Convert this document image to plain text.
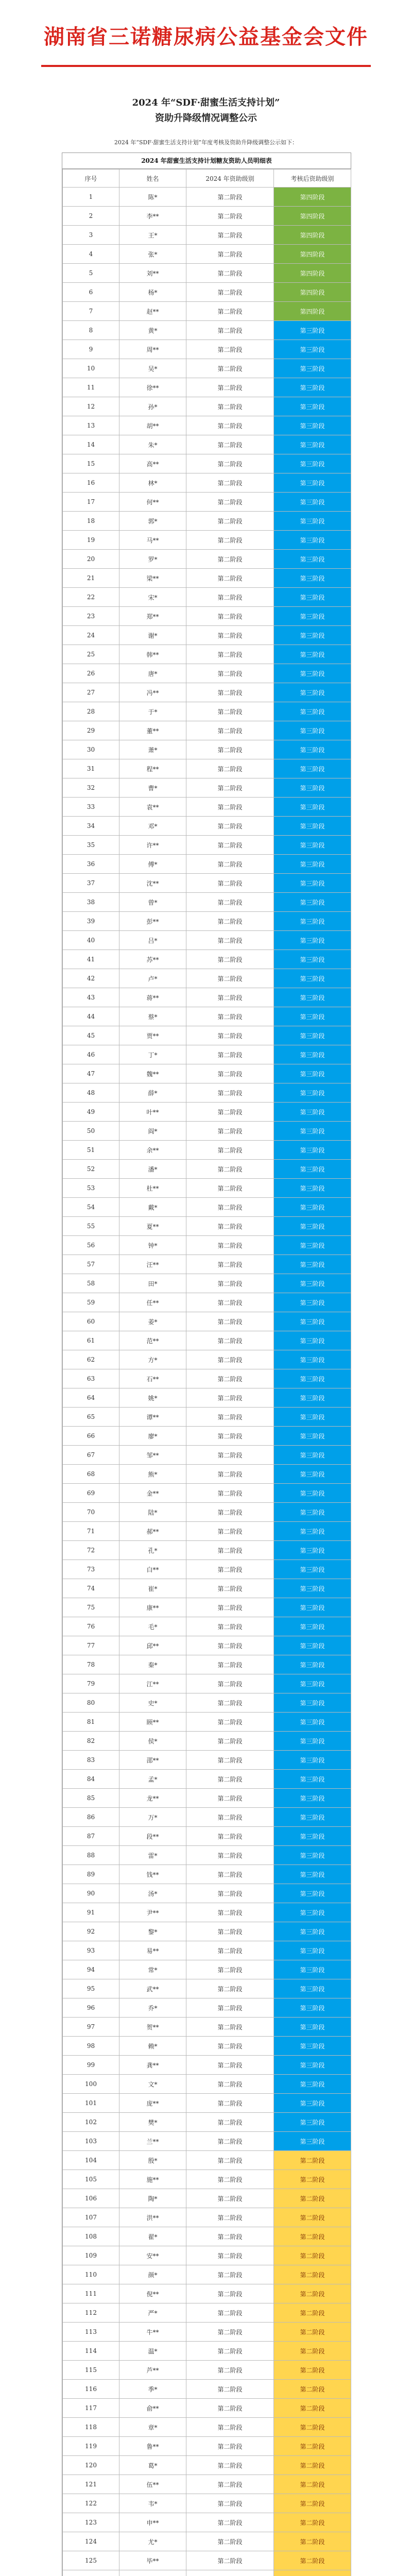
湖南省三诺糖尿病公益基金会文件
2024 年“SDF·甜蜜生活支持计划”
资助升降级情况调整公示
2024 年“SDF·甜蜜生活支持计划”年度考核及资助升降级调整公示如下：
2024 年甜蜜生活支持计划糖友资助人员明细表
序号	姓名	2024 年资助级别	考核后资助级别
1	陈*	第二阶段	第四阶段
2	李**	第二阶段	第四阶段
3	王*	第二阶段	第四阶段
4	张*	第二阶段	第四阶段
5	刘**	第二阶段	第四阶段
6	杨*	第二阶段	第四阶段
7	赵**	第二阶段	第四阶段
8	黄*	第二阶段	第三阶段
9	周**	第二阶段	第三阶段
10	吴*	第二阶段	第三阶段
11	徐**	第二阶段	第三阶段
12	孙*	第二阶段	第三阶段
13	胡**	第二阶段	第三阶段
14	朱*	第二阶段	第三阶段
15	高**	第二阶段	第三阶段
16	林*	第二阶段	第三阶段
17	何**	第二阶段	第三阶段
18	郭*	第二阶段	第三阶段
19	马**	第二阶段	第三阶段
20	罗*	第二阶段	第三阶段
21	梁**	第二阶段	第三阶段
22	宋*	第二阶段	第三阶段
23	郑**	第二阶段	第三阶段
24	谢*	第二阶段	第三阶段
25	韩**	第二阶段	第三阶段
26	唐*	第二阶段	第三阶段
27	冯**	第二阶段	第三阶段
28	于*	第二阶段	第三阶段
29	董**	第二阶段	第三阶段
30	萧*	第二阶段	第三阶段
31	程**	第二阶段	第三阶段
32	曹*	第二阶段	第三阶段
33	袁**	第二阶段	第三阶段
34	邓*	第二阶段	第三阶段
35	许**	第二阶段	第三阶段
36	傅*	第二阶段	第三阶段
37	沈**	第二阶段	第三阶段
38	曾*	第二阶段	第三阶段
39	彭**	第二阶段	第三阶段
40	吕*	第二阶段	第三阶段
41	苏**	第二阶段	第三阶段
42	卢*	第二阶段	第三阶段
43	蒋**	第二阶段	第三阶段
44	蔡*	第二阶段	第三阶段
45	贾**	第二阶段	第三阶段
46	丁*	第二阶段	第三阶段
47	魏**	第二阶段	第三阶段
48	薛*	第二阶段	第三阶段
49	叶**	第二阶段	第三阶段
50	阎*	第二阶段	第三阶段
51	余**	第二阶段	第三阶段
52	潘*	第二阶段	第三阶段
53	杜**	第二阶段	第三阶段
54	戴*	第二阶段	第三阶段
55	夏**	第二阶段	第三阶段
56	钟*	第二阶段	第三阶段
57	汪**	第二阶段	第三阶段
58	田*	第二阶段	第三阶段
59	任**	第二阶段	第三阶段
60	姜*	第二阶段	第三阶段
61	范**	第二阶段	第三阶段
62	方*	第二阶段	第三阶段
63	石**	第二阶段	第三阶段
64	姚*	第二阶段	第三阶段
65	谭**	第二阶段	第三阶段
66	廖*	第二阶段	第三阶段
67	邹**	第二阶段	第三阶段
68	熊*	第二阶段	第三阶段
69	金**	第二阶段	第三阶段
70	陆*	第二阶段	第三阶段
71	郝**	第二阶段	第三阶段
72	孔*	第二阶段	第三阶段
73	白**	第二阶段	第三阶段
74	崔*	第二阶段	第三阶段
75	康**	第二阶段	第三阶段
76	毛*	第二阶段	第三阶段
77	邱**	第二阶段	第三阶段
78	秦*	第二阶段	第三阶段
79	江**	第二阶段	第三阶段
80	史*	第二阶段	第三阶段
81	顾**	第二阶段	第三阶段
82	侯*	第二阶段	第三阶段
83	邵**	第二阶段	第三阶段
84	孟*	第二阶段	第三阶段
85	龙**	第二阶段	第三阶段
86	万*	第二阶段	第三阶段
87	段**	第二阶段	第三阶段
88	雷*	第二阶段	第三阶段
89	钱**	第二阶段	第三阶段
90	汤*	第二阶段	第三阶段
91	尹**	第二阶段	第三阶段
92	黎*	第二阶段	第三阶段
93	易**	第二阶段	第三阶段
94	常*	第二阶段	第三阶段
95	武**	第二阶段	第三阶段
96	乔*	第二阶段	第三阶段
97	贺**	第二阶段	第三阶段
98	赖*	第二阶段	第三阶段
99	龚**	第二阶段	第三阶段
100	文*	第二阶段	第三阶段
101	庞**	第二阶段	第三阶段
102	樊*	第二阶段	第三阶段
103	兰**	第二阶段	第三阶段
104	殷*	第二阶段	第二阶段
105	施**	第二阶段	第二阶段
106	陶*	第二阶段	第二阶段
107	洪**	第二阶段	第二阶段
108	翟*	第二阶段	第二阶段
109	安**	第二阶段	第二阶段
110	颜*	第二阶段	第二阶段
111	倪**	第二阶段	第二阶段
112	严*	第二阶段	第二阶段
113	牛**	第二阶段	第二阶段
114	温*	第二阶段	第二阶段
115	芦**	第二阶段	第二阶段
116	季*	第二阶段	第二阶段
117	俞**	第二阶段	第二阶段
118	章*	第二阶段	第二阶段
119	鲁**	第二阶段	第二阶段
120	葛*	第二阶段	第二阶段
121	伍**	第二阶段	第二阶段
122	韦*	第二阶段	第二阶段
123	申**	第二阶段	第二阶段
124	尤*	第二阶段	第二阶段
125	毕**	第二阶段	第二阶段
